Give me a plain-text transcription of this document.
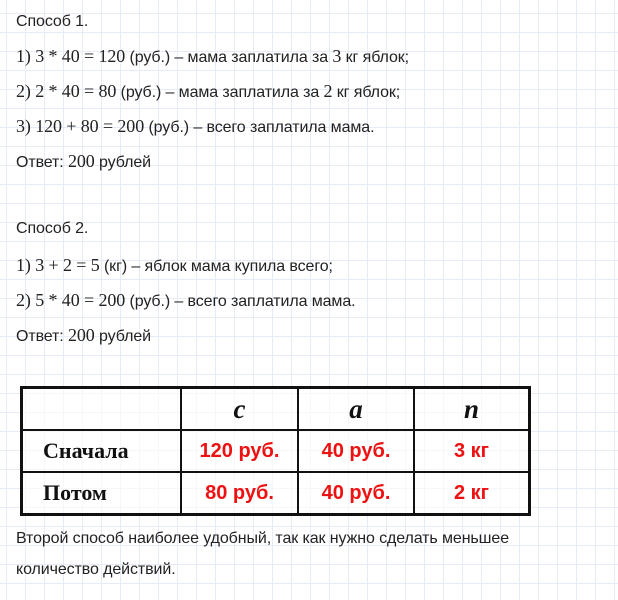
Способ 1.
1) 3 * 40 = 120 (руб.) – мама заплатила за 3 кг яблок;
2) 2 * 40 = 80 (руб.) – мама заплатила за 2 кг яблок;
3) 120 + 80 = 200 (руб.) – всего заплатила мама.
Ответ: 200 рублей
Способ 2.
1) 3 + 2 = 5 (кг) – яблок мама купила всего;
2) 5 * 40 = 200 (руб.) – всего заплатила мама.
Ответ: 200 рублей
	c	a	n
Сначала	120 руб.	40 руб.	3 кг
Потом	80 руб.	40 руб.	2 кг
Второй способ наиболее удобный, так как нужно сделать меньшее
количество действий.
